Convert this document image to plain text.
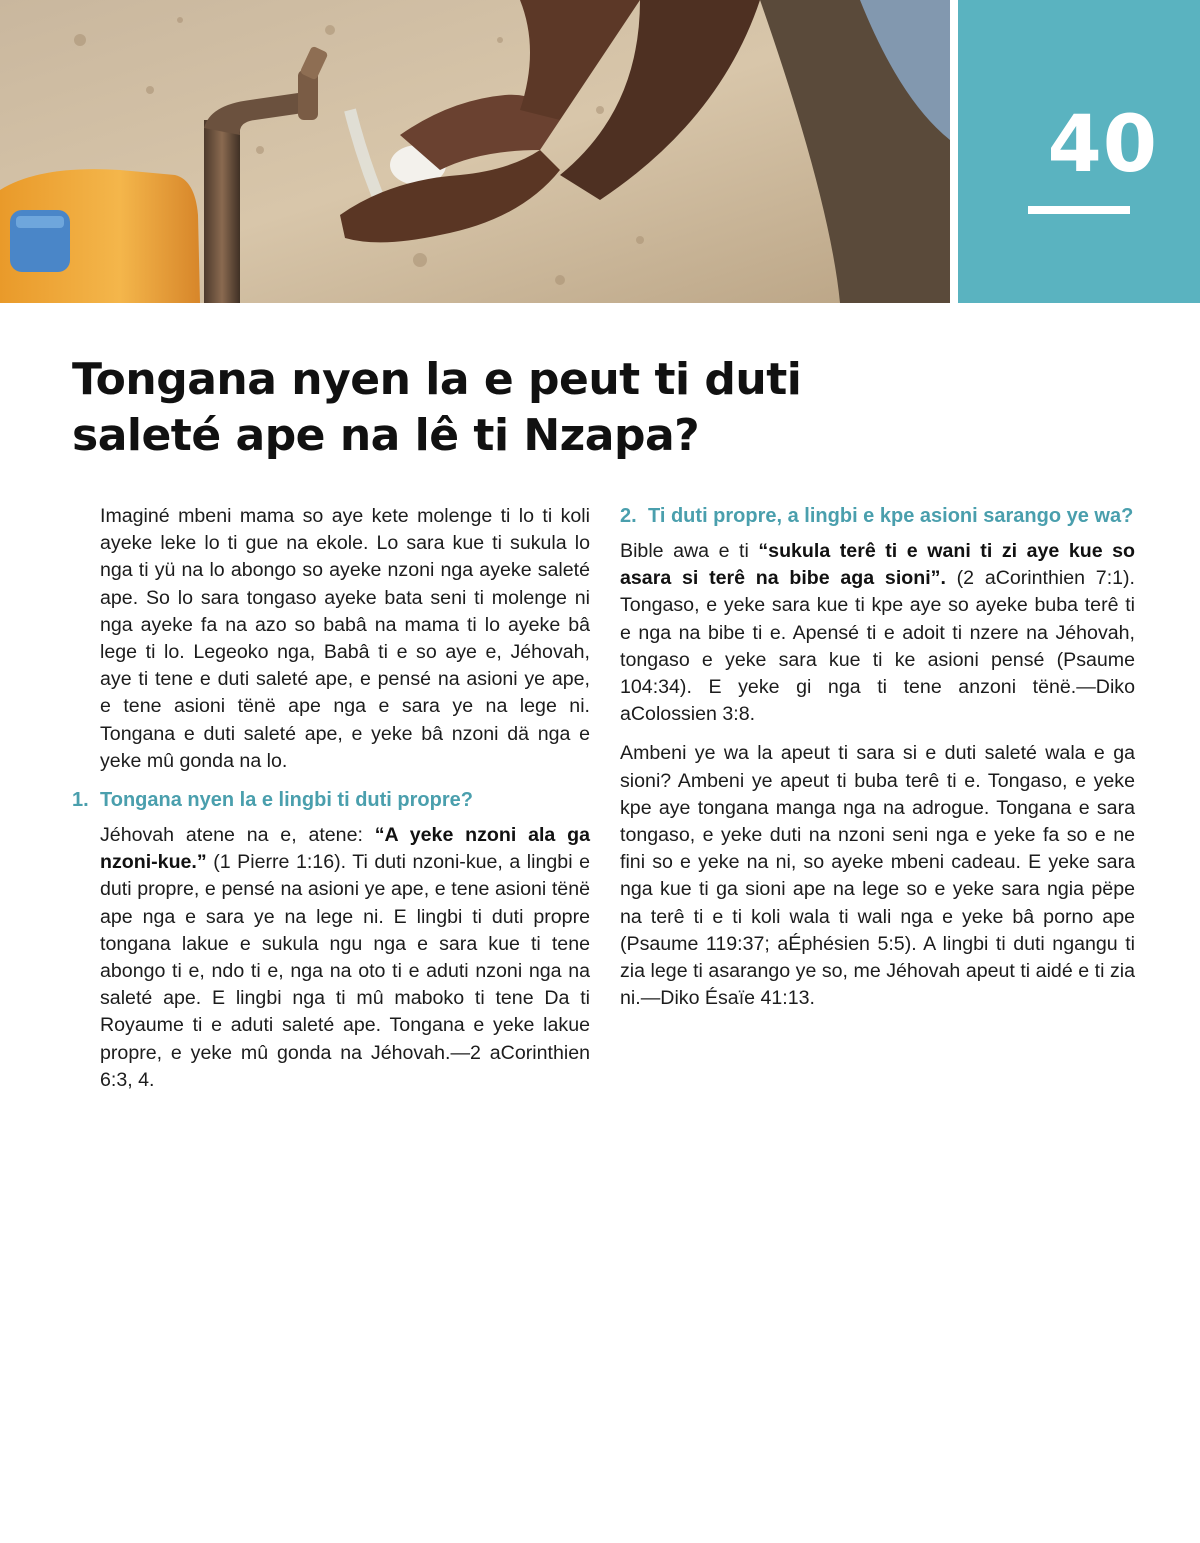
40
Tongana nyen la e peut ti duti saleté ape na lê ti Nzapa?

Imaginé mbeni mama so aye kete molenge ti lo ti koli ayeke leke lo ti gue na ekole. Lo sara kue ti sukula lo nga ti yü na lo abongo so ayeke nzoni nga ayeke saleté ape. So lo sara tongaso ayeke bata seni ti molenge ni nga ayeke fa na azo so babâ na mama ti lo ayeke bâ lege ti lo. Legeoko nga, Babâ ti e so aye e, Jéhovah, aye ti tene e duti saleté ape, e pensé na asioni ye ape, e tene asioni tënë ape nga e sara ye na lege ni. Tongana e duti saleté ape, e yeke bâ nzoni dä nga e yeke mû gonda na lo.

1. Tongana nyen la e lingbi ti duti propre?

Jéhovah atene na e, atene: “A yeke nzoni ala ga nzoni-kue.” (1 Pierre 1:16). Ti duti nzoni-kue, a lingbi e duti propre, e pensé na asioni ye ape, e tene asioni tënë ape nga e sara ye na lege ni. E lingbi ti duti propre tongana lakue e sukula ngu nga e sara kue ti tene abongo ti e, ndo ti e, nga na oto ti e aduti nzoni nga na saleté ape. E lingbi nga ti mû maboko ti tene Da ti Royaume ti e aduti saleté ape. Tongana e yeke lakue propre, e yeke mû gonda na Jéhovah.—2 aCorinthien 6:3, 4.

2. Ti duti propre, a lingbi e kpe asioni sarango ye wa?

Bible awa e ti “sukula terê ti e wani ti zi aye kue so asara si terê na bibe aga sioni”. (2 aCorinthien 7:1). Tongaso, e yeke sara kue ti kpe aye so ayeke buba terê ti e nga na bibe ti e. Apensé ti e adoit ti nzere na Jéhovah, tongaso e yeke sara kue ti ke asioni pensé (Psaume 104:34). E yeke gi nga ti tene anzoni tënë.—Diko aColossien 3:8.

Ambeni ye wa la apeut ti sara si e duti saleté wala e ga sioni? Ambeni ye apeut ti buba terê ti e. Tongaso, e yeke kpe aye tongana manga nga na adrogue. Tongana e sara tongaso, e yeke duti na nzoni seni nga e yeke fa so e ne fini so e yeke na ni, so ayeke mbeni cadeau. E yeke sara nga kue ti ga sioni ape na lege so e yeke sara ngia pëpe na terê ti e ti koli wala ti wali nga e yeke bâ porno ape (Psaume 119:37; aÉphésien 5:5). A lingbi ti duti ngangu ti zia lege ti asarango ye so, me Jéhovah apeut ti aidé e ti zia ni.—Diko Ésaïe 41:13.
